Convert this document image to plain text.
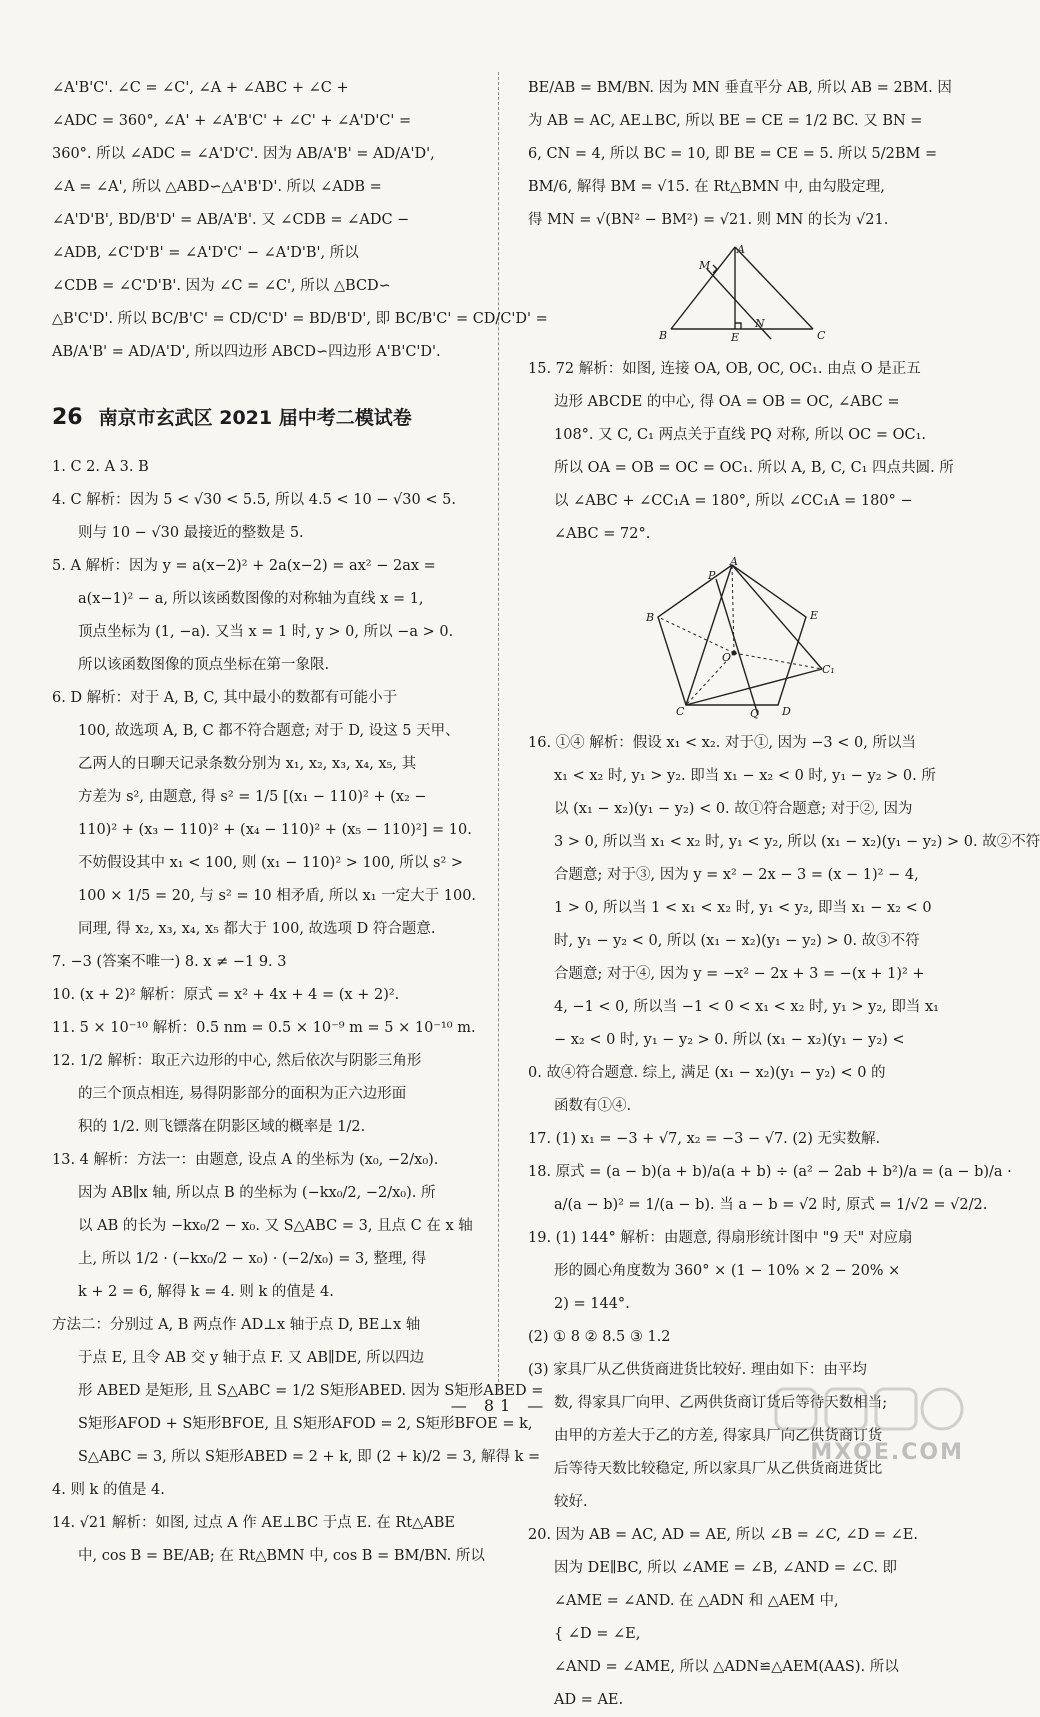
∠A'B'C'. ∠C = ∠C', ∠A + ∠ABC + ∠C +
∠ADC = 360°, ∠A' + ∠A'B'C' + ∠C' + ∠A'D'C' =
360°. 所以 ∠ADC = ∠A'D'C'. 因为 AB/A'B' = AD/A'D',
∠A = ∠A', 所以 △ABD∽△A'B'D'. 所以 ∠ADB =
∠A'D'B', BD/B'D' = AB/A'B'. 又 ∠CDB = ∠ADC −
∠ADB, ∠C'D'B' = ∠A'D'C' − ∠A'D'B', 所以
∠CDB = ∠C'D'B'. 因为 ∠C = ∠C', 所以 △BCD∽
△B'C'D'. 所以 BC/B'C' = CD/C'D' = BD/B'D', 即 BC/B'C' = CD/C'D' =
AB/A'B' = AD/A'D', 所以四边形 ABCD∽四边形 A'B'C'D'.
26 南京市玄武区 2021 届中考二模试卷
1. C 2. A 3. B
4. C 解析：因为 5 < √30 < 5.5, 所以 4.5 < 10 − √30 < 5.
则与 10 − √30 最接近的整数是 5.
5. A 解析：因为 y = a(x−2)² + 2a(x−2) = ax² − 2ax =
a(x−1)² − a, 所以该函数图像的对称轴为直线 x = 1,
顶点坐标为 (1, −a). 又当 x = 1 时, y > 0, 所以 −a > 0.
所以该函数图像的顶点坐标在第一象限.
6. D 解析：对于 A, B, C, 其中最小的数都有可能小于
100, 故选项 A, B, C 都不符合题意; 对于 D, 设这 5 天甲、
乙两人的日聊天记录条数分别为 x₁, x₂, x₃, x₄, x₅, 其
方差为 s², 由题意, 得 s² = 1/5 [(x₁ − 110)² + (x₂ −
110)² + (x₃ − 110)² + (x₄ − 110)² + (x₅ − 110)²] = 10.
不妨假设其中 x₁ < 100, 则 (x₁ − 110)² > 100, 所以 s² >
100 × 1/5 = 20, 与 s² = 10 相矛盾, 所以 x₁ 一定大于 100.
同理, 得 x₂, x₃, x₄, x₅ 都大于 100, 故选项 D 符合题意.
7. −3 (答案不唯一) 8. x ≠ −1 9. 3
10. (x + 2)² 解析：原式 = x² + 4x + 4 = (x + 2)².
11. 5 × 10⁻¹⁰ 解析：0.5 nm = 0.5 × 10⁻⁹ m = 5 × 10⁻¹⁰ m.
12. 1/2 解析：取正六边形的中心, 然后依次与阴影三角形
的三个顶点相连, 易得阴影部分的面积为正六边形面
积的 1/2. 则飞镖落在阴影区域的概率是 1/2.
13. 4 解析：方法一：由题意, 设点 A 的坐标为 (x₀, −2/x₀).
因为 AB∥x 轴, 所以点 B 的坐标为 (−kx₀/2, −2/x₀). 所
以 AB 的长为 −kx₀/2 − x₀. 又 S△ABC = 3, 且点 C 在 x 轴
上, 所以 1/2 · (−kx₀/2 − x₀) · (−2/x₀) = 3, 整理, 得
k + 2 = 6, 解得 k = 4. 则 k 的值是 4.
方法二：分别过 A, B 两点作 AD⊥x 轴于点 D, BE⊥x 轴
于点 E, 且令 AB 交 y 轴于点 F. 又 AB∥DE, 所以四边
形 ABED 是矩形, 且 S△ABC = 1/2 S矩形ABED. 因为 S矩形ABED =
S矩形AFOD + S矩形BFOE, 且 S矩形AFOD = 2, S矩形BFOE = k,
S△ABC = 3, 所以 S矩形ABED = 2 + k, 即 (2 + k)/2 = 3, 解得 k =
4. 则 k 的值是 4.
14. √21 解析：如图, 过点 A 作 AE⊥BC 于点 E. 在 Rt△ABE
中, cos B = BE/AB; 在 Rt△BMN 中, cos B = BM/BN. 所以
BE/AB = BM/BN. 因为 MN 垂直平分 AB, 所以 AB = 2BM. 因
为 AB = AC, AE⊥BC, 所以 BE = CE = 1/2 BC. 又 BN =
6, CN = 4, 所以 BC = 10, 即 BE = CE = 5. 所以 5/2BM =
BM/6, 解得 BM = √15. 在 Rt△BMN 中, 由勾股定理,
得 MN = √(BN² − BM²) = √21. 则 MN 的长为 √21.
A
M
B	E
N
C
15. 72 解析：如图, 连接 OA, OB, OC, OC₁. 由点 O 是正五
边形 ABCDE 的中心, 得 OA = OB = OC, ∠ABC =
108°. 又 C, C₁ 两点关于直线 PQ 对称, 所以 OC = OC₁.
所以 OA = OB = OC = OC₁. 所以 A, B, C, C₁ 四点共圆. 所
以 ∠ABC + ∠CC₁A = 180°, 所以 ∠CC₁A = 180° −
∠ABC = 72°.
A
P
B	E
O
C₁
C	Q D
16. ①④ 解析：假设 x₁ < x₂. 对于①, 因为 −3 < 0, 所以当
x₁ < x₂ 时, y₁ > y₂. 即当 x₁ − x₂ < 0 时, y₁ − y₂ > 0. 所
以 (x₁ − x₂)(y₁ − y₂) < 0. 故①符合题意; 对于②, 因为
3 > 0, 所以当 x₁ < x₂ 时, y₁ < y₂, 所以 (x₁ − x₂)(y₁ − y₂) > 0. 故②不符
合题意; 对于③, 因为 y = x² − 2x − 3 = (x − 1)² − 4,
1 > 0, 所以当 1 < x₁ < x₂ 时, y₁ < y₂, 即当 x₁ − x₂ < 0
时, y₁ − y₂ < 0, 所以 (x₁ − x₂)(y₁ − y₂) > 0. 故③不符
合题意; 对于④, 因为 y = −x² − 2x + 3 = −(x + 1)² +
4, −1 < 0, 所以当 −1 < 0 < x₁ < x₂ 时, y₁ > y₂, 即当 x₁
− x₂ < 0 时, y₁ − y₂ > 0. 所以 (x₁ − x₂)(y₁ − y₂) <
0. 故④符合题意. 综上, 满足 (x₁ − x₂)(y₁ − y₂) < 0 的
函数有①④.
17. (1) x₁ = −3 + √7, x₂ = −3 − √7. (2) 无实数解.
18. 原式 = (a − b)(a + b)/a(a + b) ÷ (a² − 2ab + b²)/a = (a − b)/a ·
a/(a − b)² = 1/(a − b). 当 a − b = √2 时, 原式 = 1/√2 = √2/2.
19. (1) 144° 解析：由题意, 得扇形统计图中 "9 天" 对应扇
形的圆心角度数为 360° × (1 − 10% × 2 − 20% ×
2) = 144°.
(2) ① 8 ② 8.5 ③ 1.2
(3) 家具厂从乙供货商进货比较好. 理由如下：由平均
数, 得家具厂向甲、乙两供货商订货后等待天数相当;
由甲的方差大于乙的方差, 得家具厂向乙供货商订货
后等待天数比较稳定, 所以家具厂从乙供货商进货比
较好.
20. 因为 AB = AC, AD = AE, 所以 ∠B = ∠C, ∠D = ∠E.
因为 DE∥BC, 所以 ∠AME = ∠B, ∠AND = ∠C. 即
∠AME = ∠AND. 在 △ADN 和 △AEM 中,
{ ∠D = ∠E,
∠AND = ∠AME, 所以 △ADN≌△AEM(AAS). 所以
AD = AE.
— 81 —
MXQE.COM
